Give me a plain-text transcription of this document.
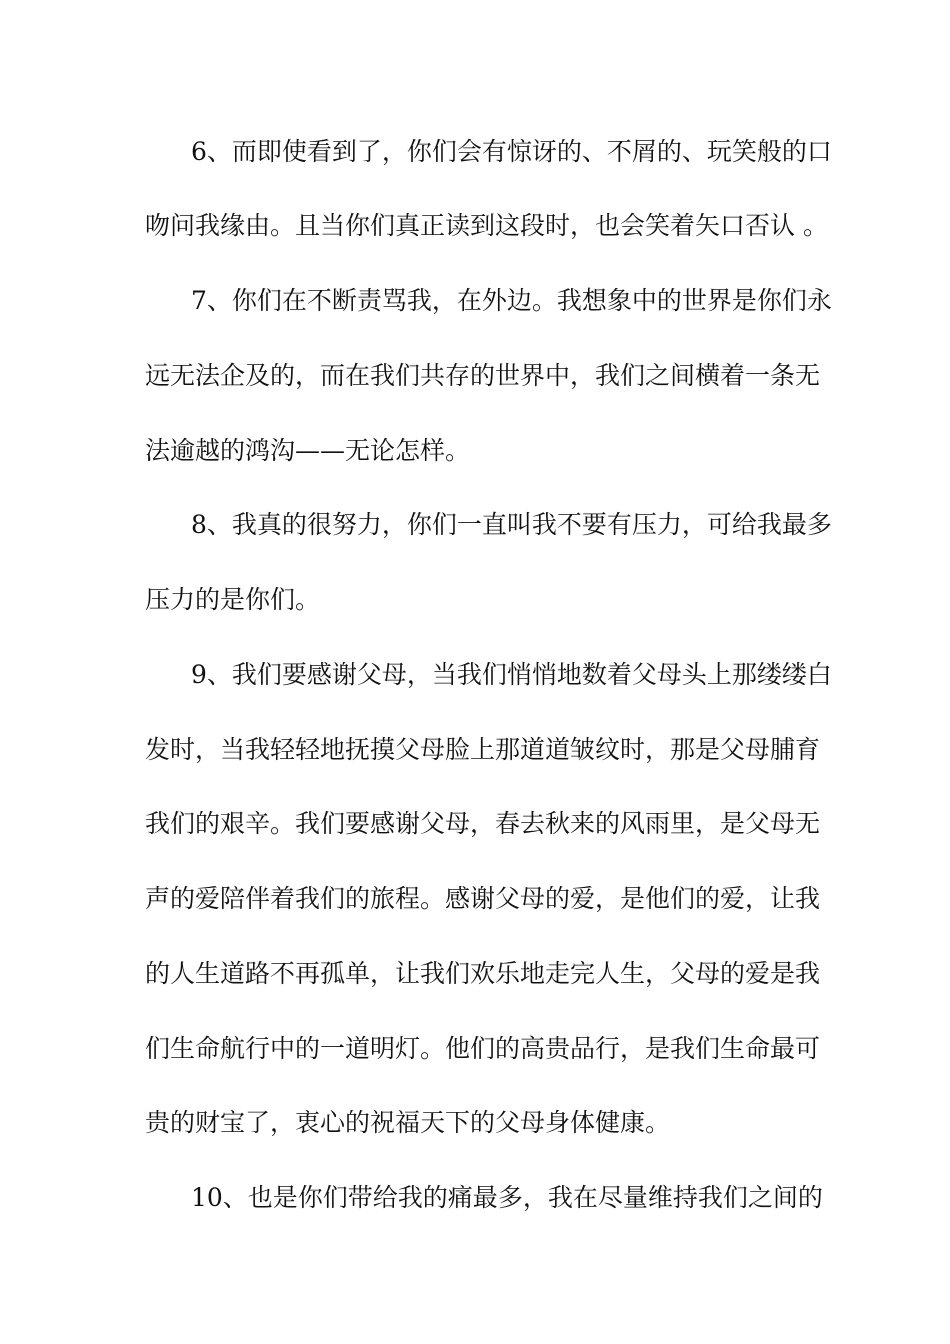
6、而即使看到了，你们会有惊讶的、不屑的、玩笑般的口
吻问我缘由。且当你们真正读到这段时，也会笑着矢口否认 。
7、你们在不断责骂我，在外边。我想象中的世界是你们永
远无法企及的，而在我们共存的世界中，我们之间横着一条无
法逾越的鸿沟——无论怎样。
8、我真的很努力，你们一直叫我不要有压力，可给我最多
压力的是你们。
9、我们要感谢父母，当我们悄悄地数着父母头上那缕缕白
发时，当我轻轻地抚摸父母脸上那道道皱纹时，那是父母脯育
我们的艰辛。我们要感谢父母，春去秋来的风雨里，是父母无
声的爱陪伴着我们的旅程。感谢父母的爱，是他们的爱，让我
的人生道路不再孤单，让我们欢乐地走完人生，父母的爱是我
们生命航行中的一道明灯。他们的高贵品行，是我们生命最可
贵的财宝了，衷心的祝福天下的父母身体健康。
10、也是你们带给我的痛最多，我在尽量维持我们之间的
